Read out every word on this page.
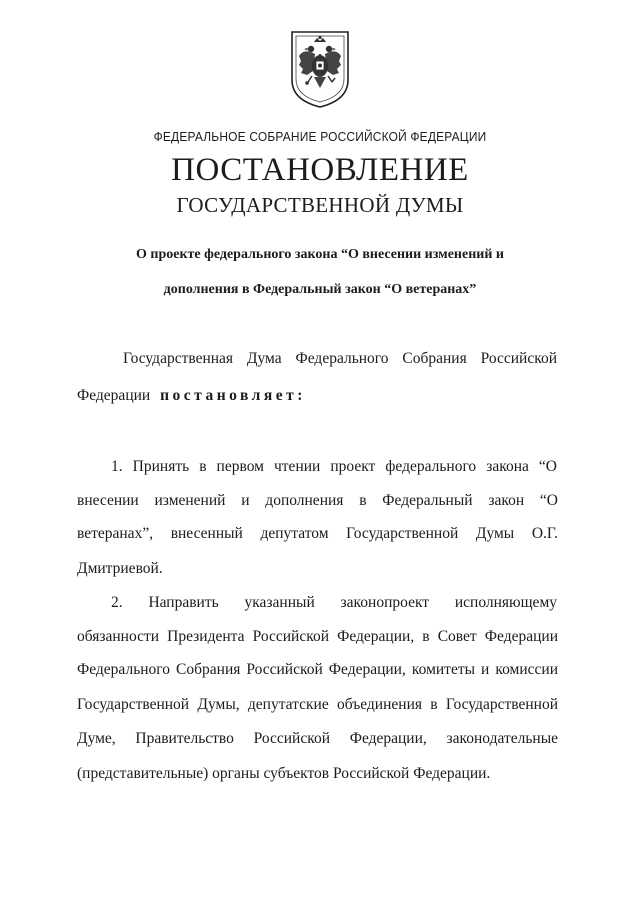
ФЕДЕРАЛЬНОЕ СОБРАНИЕ РОССИЙСКОЙ ФЕДЕРАЦИИ
ПОСТАНОВЛЕНИЕ
ГОСУДАРСТВЕННОЙ ДУМЫ
О проекте федерального закона “О внесении изменений и
дополнения в Федеральный закон “О ветеранах”
Государственная Дума Федерального Собрания Российской
Федерации постановляет:
1. Принять в первом чтении проект федерального закона “О
внесении изменений и дополнения в Федеральный закон “О
ветеранах”, внесенный депутатом Государственной Думы О.Г.
Дмитриевой.
2. Направить указанный законопроект исполняющему
обязанности Президента Российской Федерации, в Совет Федерации
Федерального Собрания Российской Федерации, комитеты и комиссии
Государственной Думы, депутатские объединения в Государственной
Думе, Правительство Российской Федерации, законодательные
(представительные) органы субъектов Российской Федерации.
